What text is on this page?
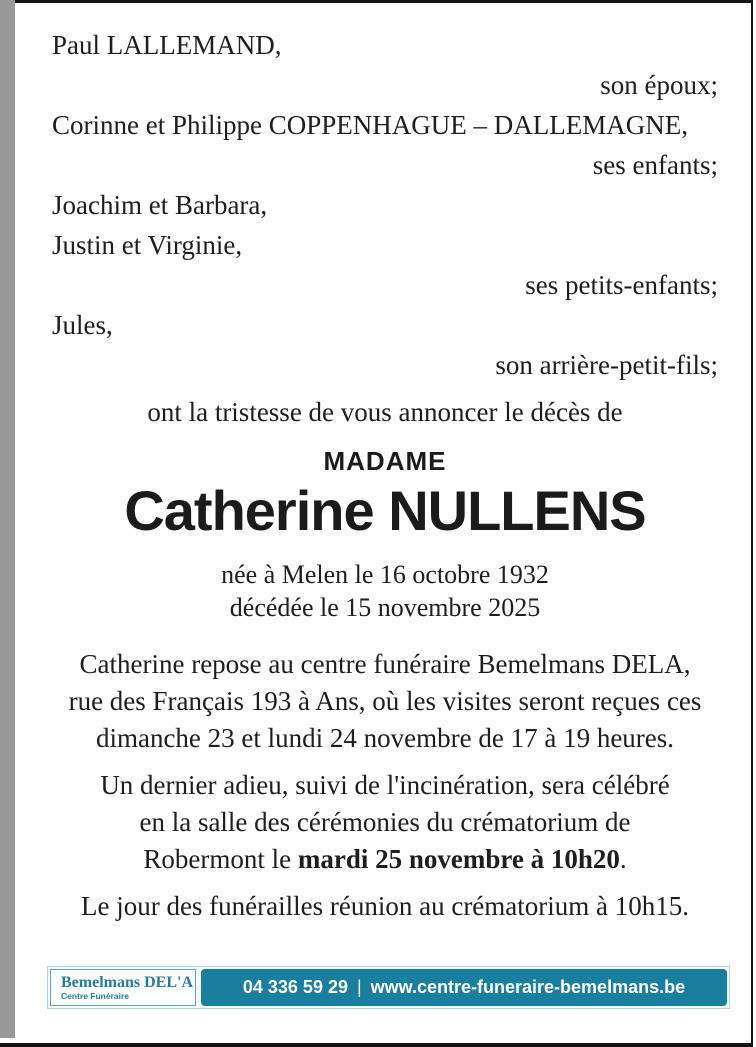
Paul LALLEMAND,
son époux;
Corinne et Philippe COPPENHAGUE – DALLEMAGNE,
ses enfants;
Joachim et Barbara,
Justin et Virginie,
ses petits-enfants;
Jules,
son arrière-petit-fils;
ont la tristesse de vous annoncer le décès de
MADAME
Catherine NULLENS
née à Melen le 16 octobre 1932
décédée le 15 novembre 2025
Catherine repose au centre funéraire Bemelmans DELA,
rue des Français 193 à Ans, où les visites seront reçues ces
dimanche 23 et lundi 24 novembre de 17 à 19 heures.
Un dernier adieu, suivi de l'incinération, sera célébré
en la salle des cérémonies du crématorium de
Robermont le mardi 25 novembre à 10h20.
Le jour des funérailles réunion au crématorium à 10h15.
Bemelmans DEL'A
Centre Funéraire	04 336 59 29 | www.centre-funeraire-bemelmans.be
